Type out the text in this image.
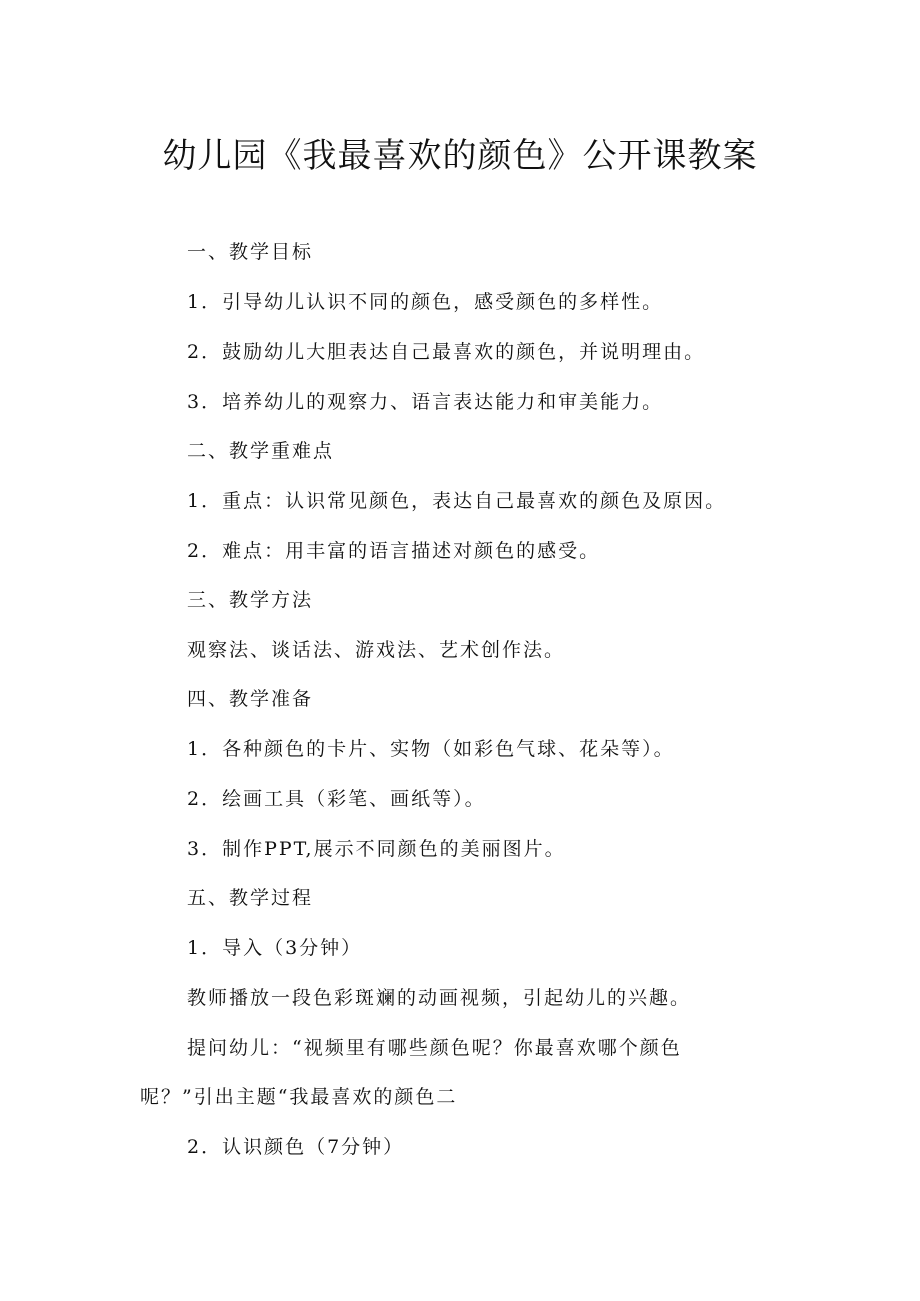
幼儿园《我最喜欢的颜色》公开课教案

一、教学目标

1．引导幼儿认识不同的颜色，感受颜色的多样性。

2．鼓励幼儿大胆表达自己最喜欢的颜色，并说明理由。

3．培养幼儿的观察力、语言表达能力和审美能力。

二、教学重难点

1．重点：认识常见颜色，表达自己最喜欢的颜色及原因。

2．难点：用丰富的语言描述对颜色的感受。

三、教学方法

观察法、谈话法、游戏法、艺术创作法。

四、教学准备

1．各种颜色的卡片、实物（如彩色气球、花朵等）。

2．绘画工具（彩笔、画纸等）。

3．制作PPT,展示不同颜色的美丽图片。

五、教学过程

1．导入（3分钟）

教师播放一段色彩斑斓的动画视频，引起幼儿的兴趣。

提问幼儿：“视频里有哪些颜色呢？你最喜欢哪个颜色

呢？”引出主题“我最喜欢的颜色二

2．认识颜色（7分钟）
